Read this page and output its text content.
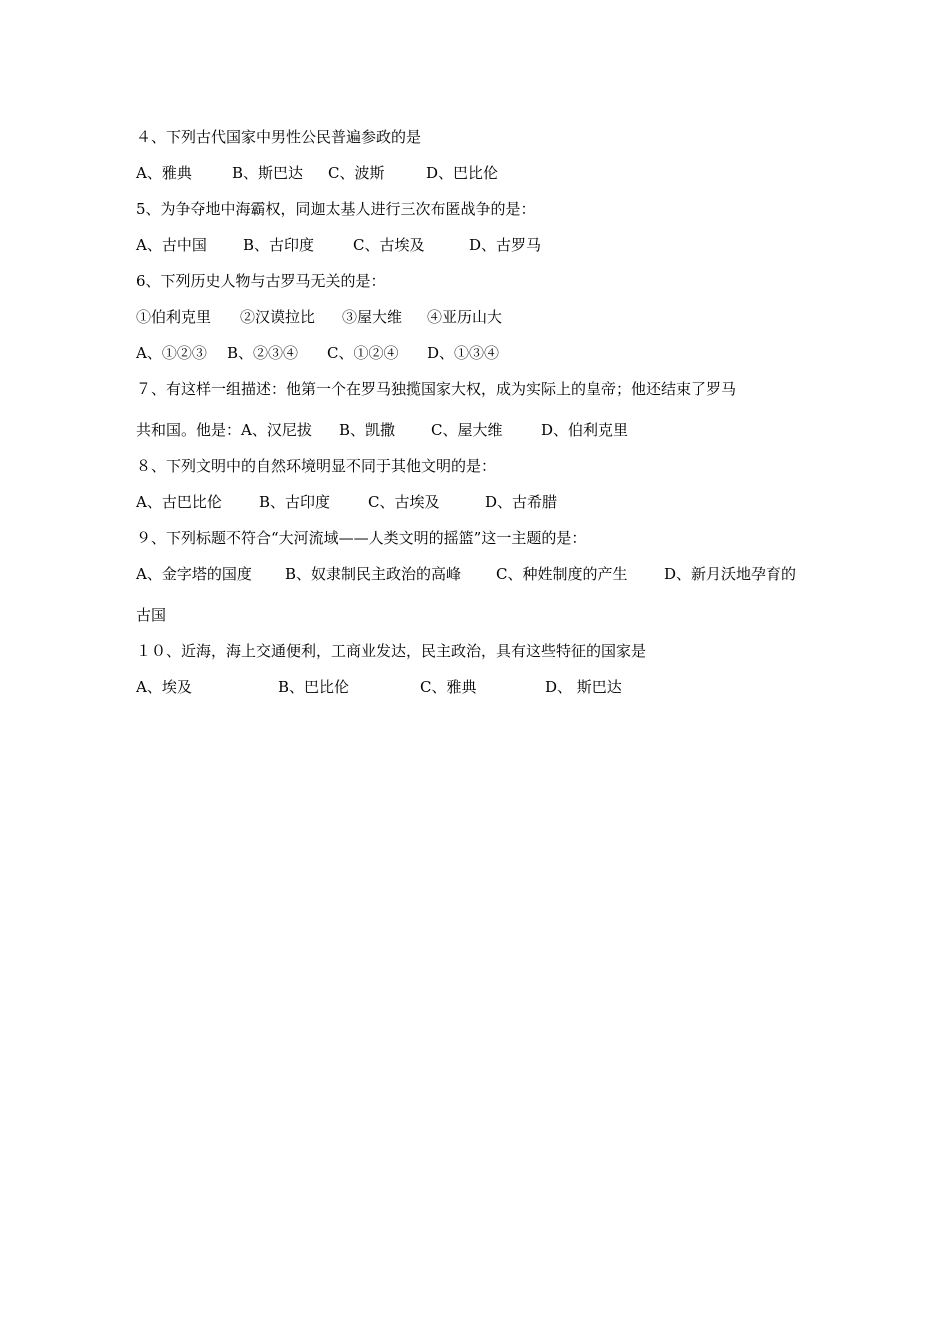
４、下列古代国家中男性公民普遍参政的是
A、雅典	B、斯巴达 C、波斯	D、巴比伦
5、为争夺地中海霸权，同迦太基人进行三次布匿战争的是：
A、古中国 B、古印度	C、古埃及	D、古罗马
6、下列历史人物与古罗马无关的是：
①伯利克里 ②汉谟拉比 ③屋大维 ④亚历山大
A、①②③ B、②③④ C、①②④ D、①③④
７、有这样一组描述：他第一个在罗马独揽国家大权，成为实际上的皇帝；他还结束了罗马
共和国。他是：A、汉尼拔 B、凯撒 C、屋大维	D、伯利克里
８、下列文明中的自然环境明显不同于其他文明的是：
A、古巴比伦 B、古印度	C、古埃及	D、古希腊
９、下列标题不符合“大河流域——人类文明的摇篮”这一主题的是：
A、金字塔的国度 B、奴隶制民主政治的高峰 C、种姓制度的产生 D、新月沃地孕育的
古国
１０、近海，海上交通便利，工商业发达，民主政治，具有这些特征的国家是
A、埃及	B、巴比伦	C、雅典	D、 斯巴达
